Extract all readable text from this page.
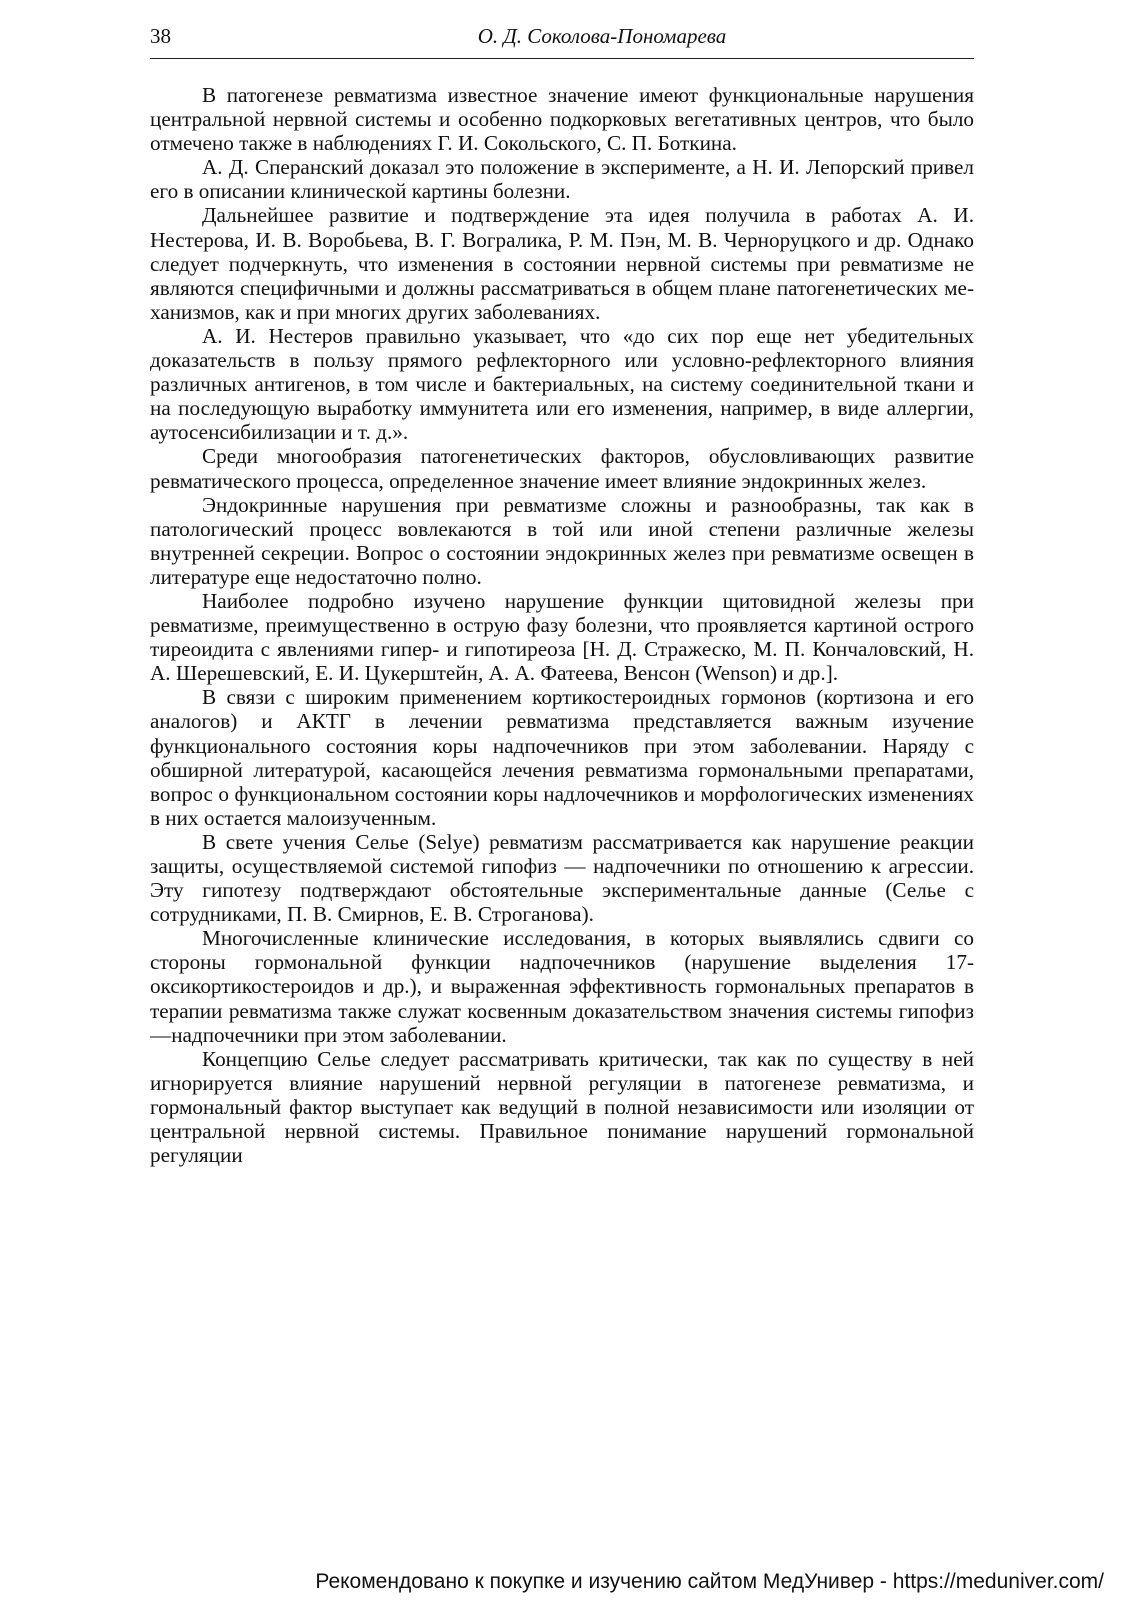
38	О. Д. Соколова-Пономарева

В патогенезе ревматизма известное значение имеют функциональные нарушения центральной нервной системы и особенно подкорковых вегетативных центров, что было отмечено также в наблюдениях Г. И. Сокольского, С. П. Боткина.

А. Д. Сперанский доказал это положение в эксперименте, а Н. И. Лепорский привел его в описании клинической картины болезни.

Дальнейшее развитие и подтверждение эта идея получила в работах А. И. Нестерова, И. В. Воробьева, В. Г. Вогралика, Р. М. Пэн, М. В. Черноруцкого и др. Однако следует подчеркнуть, что изменения в состоянии нервной системы при ревматизме не являются специфичными и должны рассматриваться в общем плане патогенетических механизмов, как и при многих других заболеваниях.

А. И. Нестеров правильно указывает, что «до сих пор еще нет убедительных доказательств в пользу прямого рефлекторного или условно-рефлекторного влияния различных антигенов, в том числе и бактериальных, на систему соединительной ткани и на последующую выработку иммунитета или его изменения, например, в виде аллергии, аутосенсибилизации и т. д.».

Среди многообразия патогенетических факторов, обусловливающих развитие ревматического процесса, определенное значение имеет влияние эндокринных желез.

Эндокринные нарушения при ревматизме сложны и разнообразны, так как в патологический процесс вовлекаются в той или иной степени различные железы внутренней секреции. Вопрос о состоянии эндокринных желез при ревматизме освещен в литературе еще недостаточно полно.

Наиболее подробно изучено нарушение функции щитовидной железы при ревматизме, преимущественно в острую фазу болезни, что проявляется картиной острого тиреоидита с явлениями гипер- и гипотиреоза [Н. Д. Стражеско, М. П. Кончаловский, Н. А. Шерешевский, Е. И. Цукерштейн, А. А. Фатеева, Венсон (Wenson) и др.].

В связи с широким применением кортикостероидных гормонов (кортизона и его аналогов) и АКТГ в лечении ревматизма представляется важным изучение функционального состояния коры надпочечников при этом заболевании. Наряду с обширной литературой, касающейся лечения ревматизма гормональными препаратами, вопрос о функциональном состоянии коры надлочечников и морфологических изменениях в них остается малоизученным.

В свете учения Селье (Selye) ревматизм рассматривается как нарушение реакции защиты, осуществляемой системой гипофиз — надпочечники по отношению к агрессии. Эту гипотезу подтверждают обстоятельные экспериментальные данные (Селье с сотрудниками, П. В. Смирнов, Е. В. Строганова).

Многочисленные клинические исследования, в которых выявлялись сдвиги со стороны гормональной функции надпочечников (нарушение выделения 17-оксикортикостероидов и др.), и выраженная эффективность гормональных препаратов в терапии ревматизма также служат косвенным доказательством значения системы гипофиз—надпочечники при этом заболевании.

Концепцию Селье следует рассматривать критически, так как по существу в ней игнорируется влияние нарушений нервной регуляции в патогенезе ревматизма, и гормональный фактор выступает как ведущий в полной независимости или изоляции от центральной нервной системы. Правильное понимание нарушений гормональной регуляции

Рекомендовано к покупке и изучению сайтом МедУнивер - https://meduniver.com/
